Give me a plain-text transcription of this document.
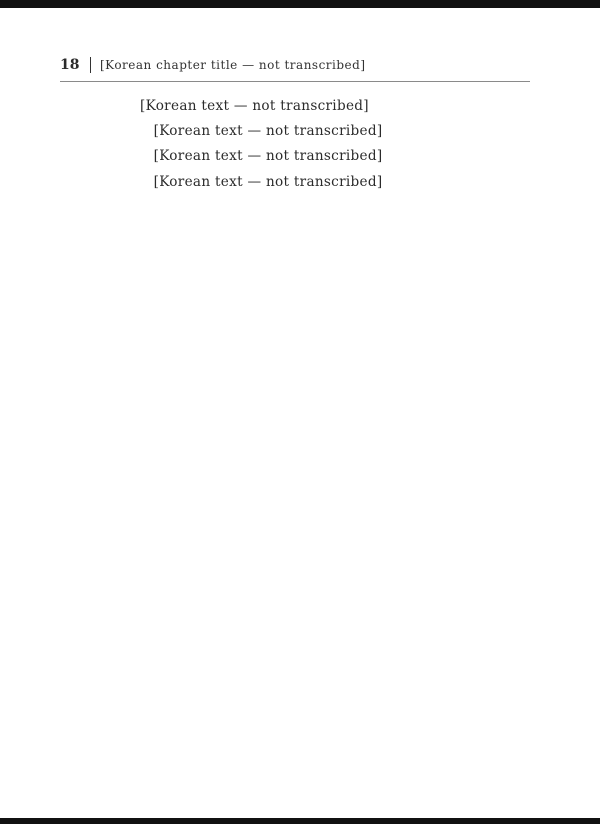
18 [Korean chapter title — not transcribed]

[Korean text — not transcribed]

[Korean text — not transcribed]

[Korean text — not transcribed]

[Korean text — not transcribed]
